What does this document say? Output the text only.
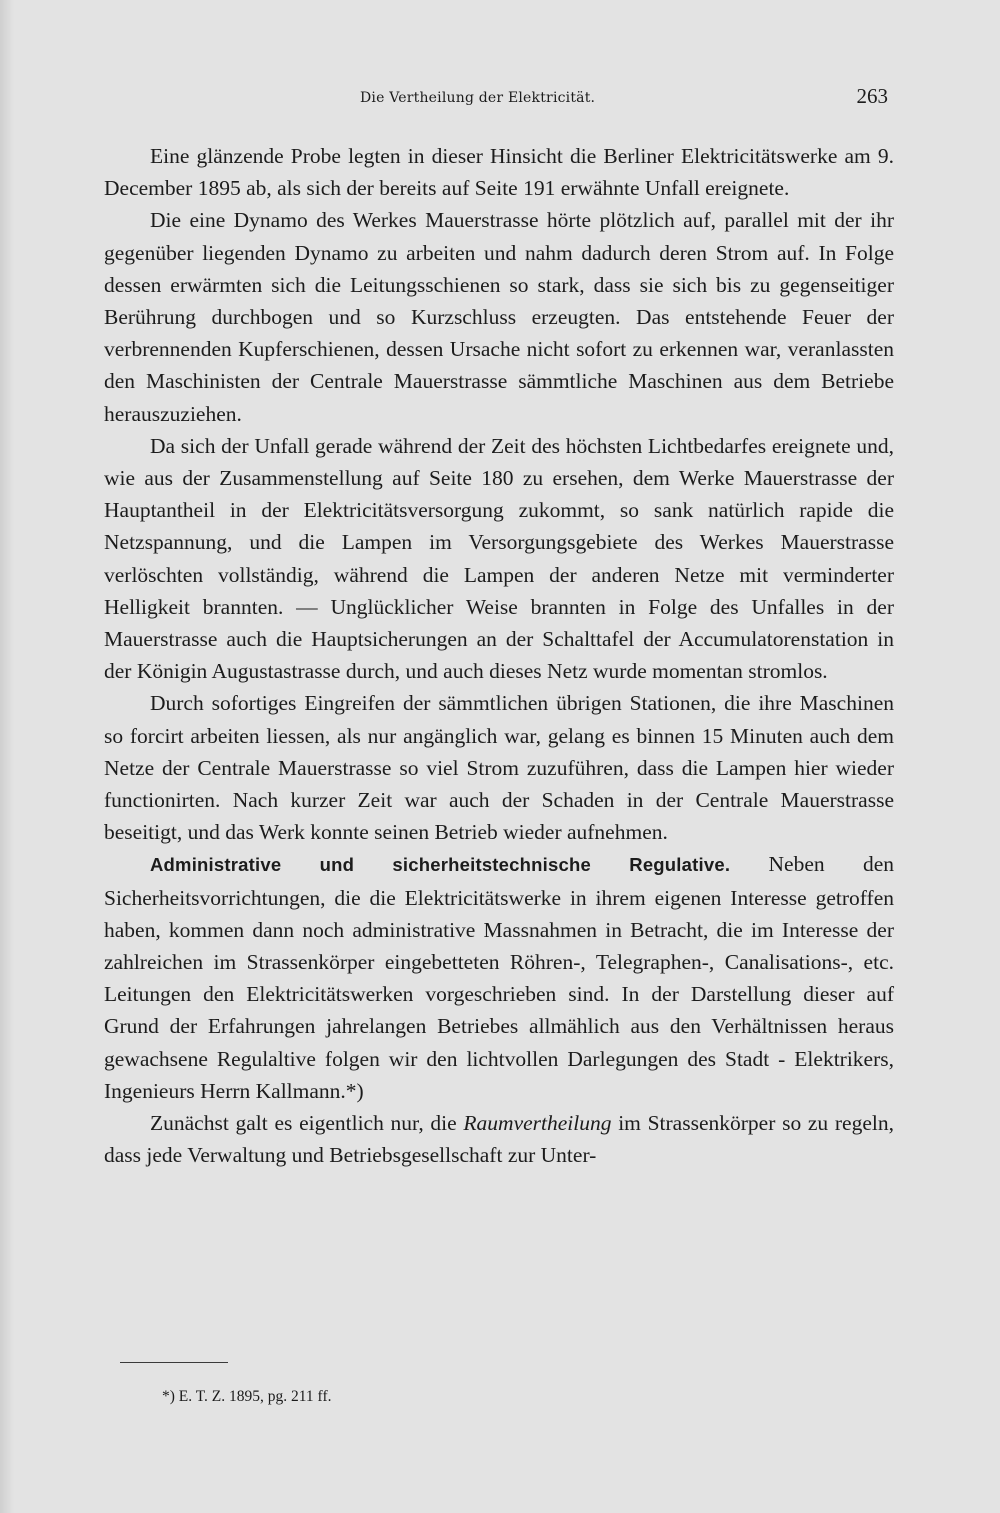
Die Vertheilung der Elektricität.	263

Eine glänzende Probe legten in dieser Hinsicht die Berliner Elektricitätswerke am 9. December 1895 ab, als sich der bereits auf Seite 191 erwähnte Unfall ereignete.

Die eine Dynamo des Werkes Mauerstrasse hörte plötzlich auf, parallel mit der ihr gegenüber liegenden Dynamo zu arbeiten und nahm dadurch deren Strom auf. In Folge dessen erwärmten sich die Leitungsschienen so stark, dass sie sich bis zu gegenseitiger Berührung durchbogen und so Kurzschluss erzeugten. Das entstehende Feuer der verbrennenden Kupferschienen, dessen Ursache nicht sofort zu erkennen war, veranlassten den Maschinisten der Centrale Mauerstrasse sämmtliche Maschinen aus dem Betriebe herauszuziehen.

Da sich der Unfall gerade während der Zeit des höchsten Lichtbedarfes ereignete und, wie aus der Zusammenstellung auf Seite 180 zu ersehen, dem Werke Mauerstrasse der Hauptantheil in der Elektricitätsversorgung zukommt, so sank natürlich rapide die Netzspannung, und die Lampen im Versorgungsgebiete des Werkes Mauerstrasse verlöschten vollständig, während die Lampen der anderen Netze mit verminderter Helligkeit brannten. — Unglücklicher Weise brannten in Folge des Unfalles in der Mauerstrasse auch die Hauptsicherungen an der Schalttafel der Accumulatorenstation in der Königin Augustastrasse durch, und auch dieses Netz wurde momentan stromlos.

Durch sofortiges Eingreifen der sämmtlichen übrigen Stationen, die ihre Maschinen so forcirt arbeiten liessen, als nur angänglich war, gelang es binnen 15 Minuten auch dem Netze der Centrale Mauerstrasse so viel Strom zuzuführen, dass die Lampen hier wieder functionirten. Nach kurzer Zeit war auch der Schaden in der Centrale Mauerstrasse beseitigt, und das Werk konnte seinen Betrieb wieder aufnehmen.

Administrative und sicherheitstechnische Regulative. Neben den Sicherheitsvorrichtungen, die die Elektricitätswerke in ihrem eigenen Interesse getroffen haben, kommen dann noch administrative Massnahmen in Betracht, die im Interesse der zahlreichen im Strassenkörper eingebetteten Röhren-, Telegraphen-, Canalisations-, etc. Leitungen den Elektricitätswerken vorgeschrieben sind. In der Darstellung dieser auf Grund der Erfahrungen jahrelangen Betriebes allmählich aus den Verhältnissen heraus gewachsene Regulaltive folgen wir den lichtvollen Darlegungen des Stadt - Elektrikers, Ingenieurs Herrn Kallmann.*)

Zunächst galt es eigentlich nur, die Raumvertheilung im Strassenkörper so zu regeln, dass jede Verwaltung und Betriebsgesellschaft zur Unter-

*) E. T. Z. 1895, pg. 211 ff.
